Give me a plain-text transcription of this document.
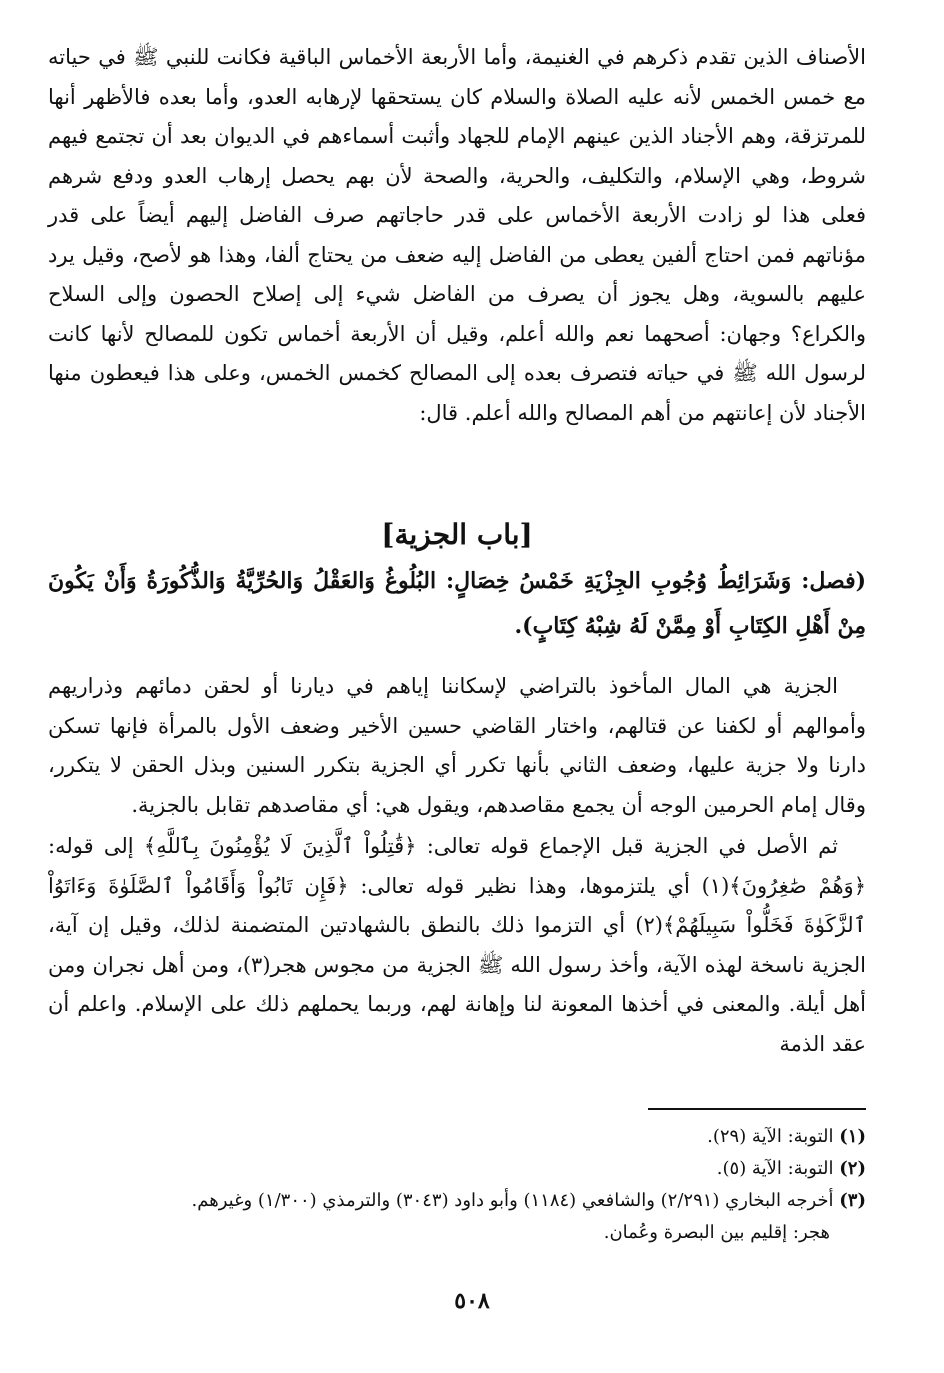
الأصناف الذين تقدم ذكرهم في الغنيمة، وأما الأربعة الأخماس الباقية فكانت للنبي ﷺ في حياته مع خمس الخمس لأنه عليه الصلاة والسلام كان يستحقها لإرهابه العدو، وأما بعده فالأظهر أنها للمرتزقة، وهم الأجناد الذين عينهم الإمام للجهاد وأثبت أسماءهم في الديوان بعد أن تجتمع فيهم شروط، وهي الإسلام، والتكليف، والحرية، والصحة لأن بهم يحصل إرهاب العدو ودفع شرهم فعلى هذا لو زادت الأربعة الأخماس على قدر حاجاتهم صرف الفاضل إليهم أيضاً على قدر مؤناتهم فمن احتاج ألفين يعطى من الفاضل إليه ضعف من يحتاج ألفا، وهذا هو لأصح، وقيل يرد عليهم بالسوية، وهل يجوز أن يصرف من الفاضل شيء إلى إصلاح الحصون وإلى السلاح والكراع؟ وجهان: أصحهما نعم والله أعلم، وقيل أن الأربعة أخماس تكون للمصالح لأنها كانت لرسول الله ﷺ في حياته فتصرف بعده إلى المصالح كخمس الخمس، وعلى هذا فيعطون منها الأجناد لأن إعانتهم من أهم المصالح والله أعلم. قال:

[باب الجزية]

(فصل: وَشَرَائِطُ وُجُوبِ الجِزْيَةِ خَمْسُ خِصَالٍ: البُلُوغُ وَالعَقْلُ وَالحُرِّيَّةُ وَالذُّكُورَةُ وَأَنْ يَكُونَ مِنْ أَهْلِ الكِتَابِ أَوْ مِمَّنْ لَهُ شِبْهُ كِتَابٍ).

الجزية هي المال المأخوذ بالتراضي لإسكاننا إياهم في ديارنا أو لحقن دمائهم وذراريهم وأموالهم أو لكفنا عن قتالهم، واختار القاضي حسين الأخير وضعف الأول بالمرأة فإنها تسكن دارنا ولا جزية عليها، وضعف الثاني بأنها تكرر أي الجزية بتكرر السنين وبذل الحقن لا يتكرر، وقال إمام الحرمين الوجه أن يجمع مقاصدهم، ويقول هي: أي مقاصدهم تقابل بالجزية.

ثم الأصل في الجزية قبل الإجماع قوله تعالى: ﴿قَٰتِلُواْ ٱلَّذِينَ لَا يُؤْمِنُونَ بِٱللَّهِ﴾ إلى قوله: ﴿وَهُمْ صَٰغِرُونَ﴾(١) أي يلتزموها، وهذا نظير قوله تعالى: ﴿فَإِن تَابُواْ وَأَقَامُواْ ٱلصَّلَوٰةَ وَءَاتَوُاْ ٱلزَّكَوٰةَ فَخَلُّواْ سَبِيلَهُمْ﴾(٢) أي التزموا ذلك بالنطق بالشهادتين المتضمنة لذلك، وقيل إن آية، الجزية ناسخة لهذه الآية، وأخذ رسول الله ﷺ الجزية من مجوس هجر(٣)، ومن أهل نجران ومن أهل أيلة. والمعنى في أخذها المعونة لنا وإهانة لهم، وربما يحملهم ذلك على الإسلام. واعلم أن عقد الذمة

(١) التوبة: الآية (٢٩).

(٢) التوبة: الآية (٥).

(٣) أخرجه البخاري (٢/٢٩١) والشافعي (١١٨٤) وأبو داود (٣٠٤٣) والترمذي (١/٣٠٠) وغيرهم.

هجر: إقليم بين البصرة وعُمان.

٥٠٨
